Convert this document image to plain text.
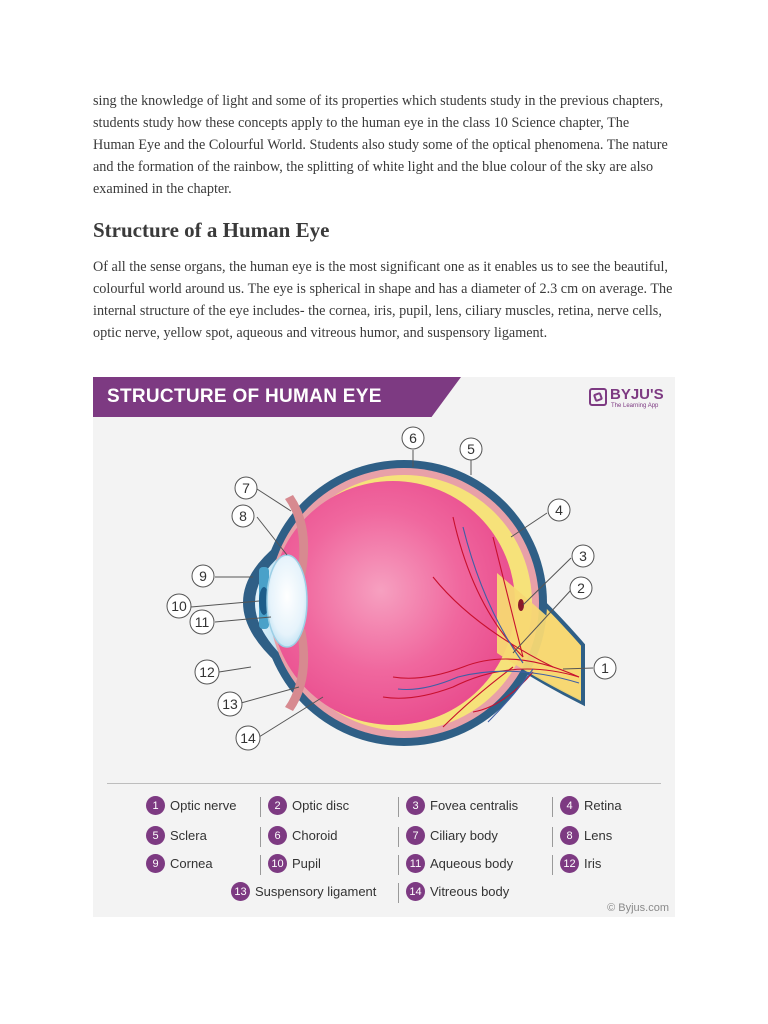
sing the knowledge of light and some of its properties which students study in the previous chapters, students study how these concepts apply to the human eye in the class 10 Science chapter, The Human Eye and the Colourful World. Students also study some of the optical phenomena. The nature and the formation of the rainbow, the splitting of white light and the blue colour of the sky are also examined in the chapter.

Structure of a Human Eye

Of all the sense organs, the human eye is the most significant one as it enables us to see the beautiful, colourful world around us. The eye is spherical in shape and has a diameter of 2.3 cm on average. The internal structure of the eye includes- the cornea, iris, pupil, lens, ciliary muscles, retina, nerve cells, optic nerve, yellow spot, aqueous and vitreous humor, and suspensory ligament.

STRUCTURE OF HUMAN EYE	BYJU'S
The Learning App
6
5
4
3
2
1
7
8
9
10
11
12
13
14
1 Optic nerve	2 Optic disc	3 Fovea centralis	4 Retina
5 Sclera	6 Choroid	7 Ciliary body	8 Lens
9 Cornea	10 Pupil	11 Aqueous body	12 Iris
13 Suspensory ligament	14 Vitreous body
© Byjus.com
